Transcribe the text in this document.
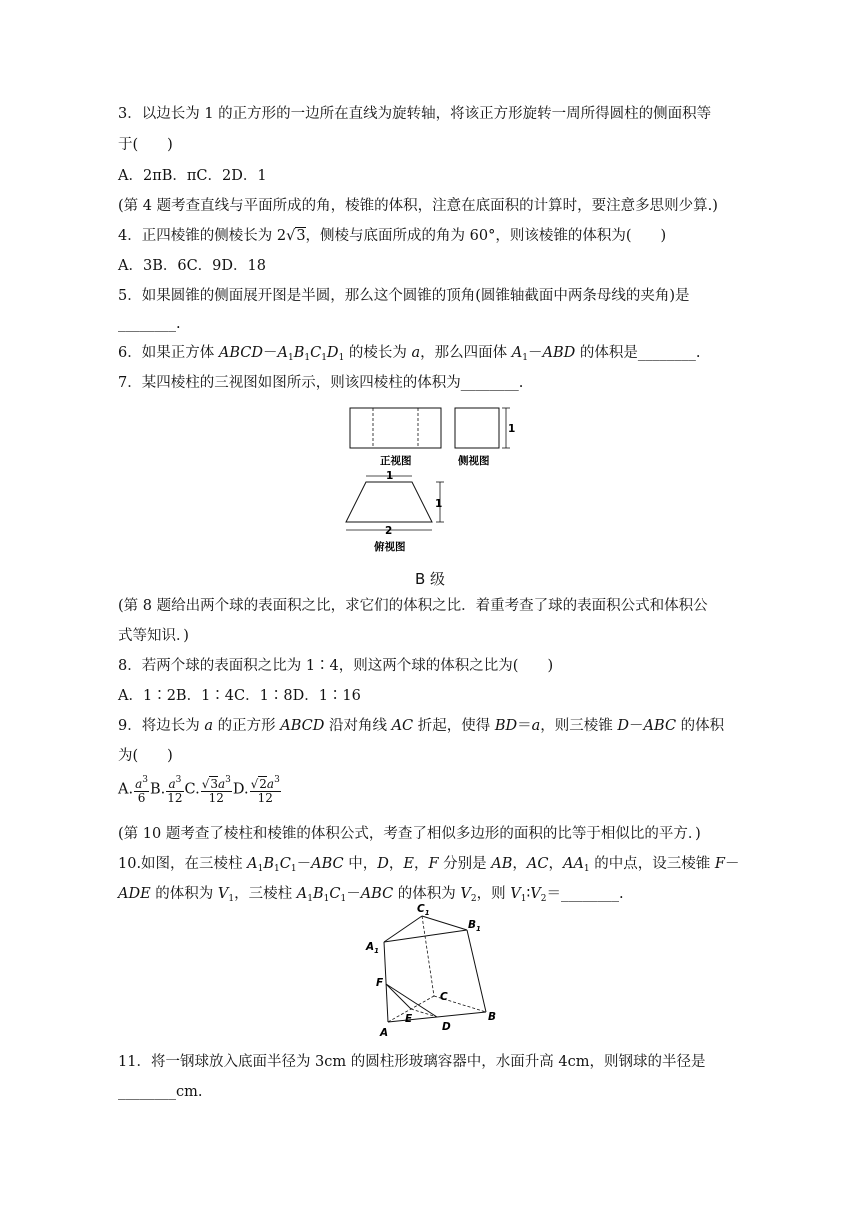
3．以边长为 1 的正方形的一边所在直线为旋转轴，将该正方形旋转一周所得圆柱的侧面积等
于(　　)
A．2πB．πC．2D．1
(第 4 题考查直线与平面所成的角，棱锥的体积，注意在底面积的计算时，要注意多思则少算.)
4．正四棱锥的侧棱长为 2√3，侧棱与底面所成的角为 60°，则该棱锥的体积为(　　)
A．3B．6C．9D．18
5．如果圆锥的侧面展开图是半圆，那么这个圆锥的顶角(圆锥轴截面中两条母线的夹角)是
________.
6．如果正方体 $ABCD-A_1B_1C_1D_1$ 的棱长为 a，那么四面体 $A_1-ABD$ 的体积是________.
7．某四棱柱的三视图如图所示，则该四棱柱的体积为________.
正视图
1
侧视图
1
1
2
俯视图
B 级
(第 8 题给出两个球的表面积之比，求它们的体积之比．着重考查了球的表面积公式和体积公
式等知识．)
8．若两个球的表面积之比为 1∶4，则这两个球的体积之比为(　　)
A．1∶2B．1∶4C．1∶8D．1∶16
9．将边长为 a 的正方形 ABCD 沿对角线 AC 折起，使得 BD＝a，则三棱锥 D－ABC 的体积
为(　　)
A. $\frac{a^3}{6} B$. $\frac{a^3}{12} C$. $\frac{√3a^3}{12} D$. $\frac{√2a^3}{12}$
(第 10 题考查了棱柱和棱锥的体积公式，考查了相似多边形的面积的比等于相似比的平方．)
10.如图，在三棱柱 $A_1B_1C_1-ABC$ 中，D，E，F 分别是 AB，AC，$AA_1$ 的中点，设三棱锥 F－
ADE 的体积为 $V_1$，三棱柱 $A_1B_1C_1-ABC$ 的体积为 $V_2$，则 $V_1∶V_2=\_\_\_\_\_\_\_\_$.
$C_1$
$B_1$
$A_1$
F
C
E
D
A
B
11．将一钢球放入底面半径为 3cm 的圆柱形玻璃容器中，水面升高 4cm，则钢球的半径是
________cm.
